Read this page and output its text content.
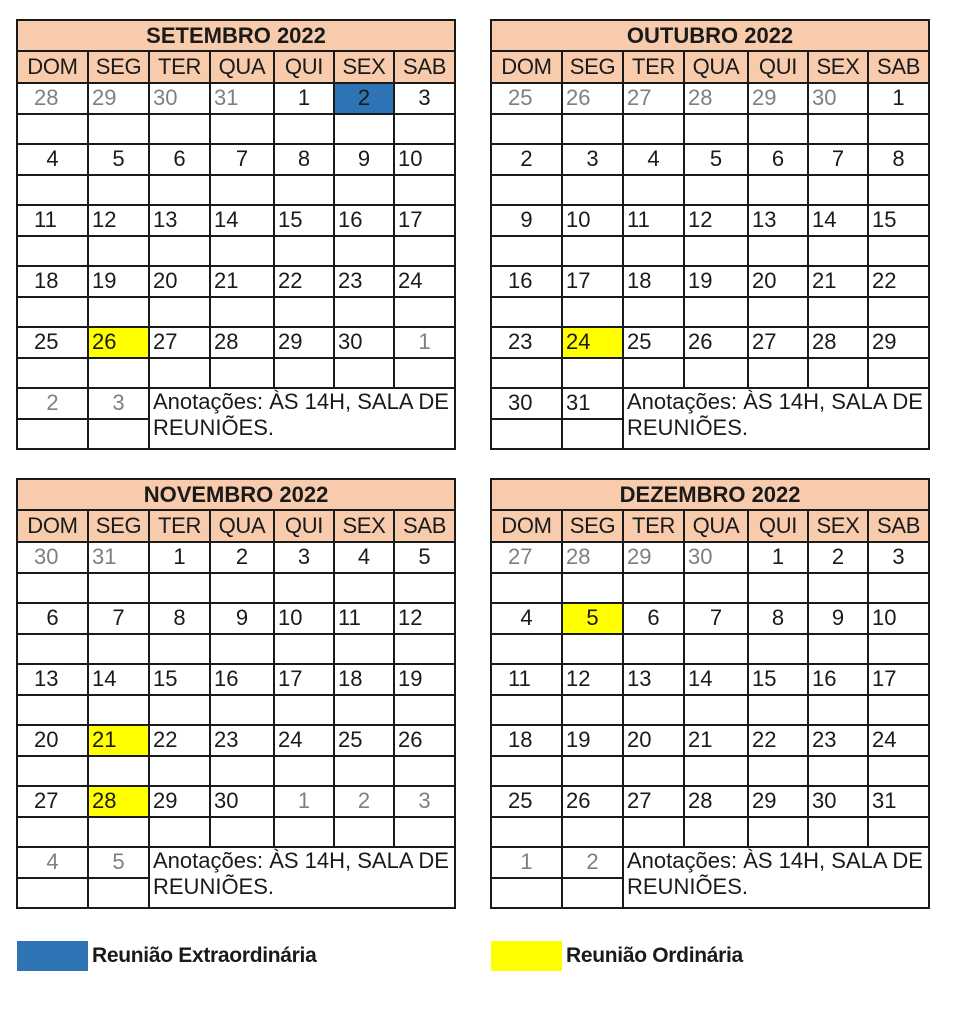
SETEMBRO 2022						
DOM	SEG	TER	QUA	QUI	SEX	SAB
28	29	30	31	1	2	3

4	5	6	7	8	9	10

11	12	13	14	15	16	17

18	19	20	21	22	23	24

25	26	27	28	29	30	1

2	3	Anotações: ÀS 14H, SALA DE REUNIÕES.				

OUTUBRO 2022						
DOM	SEG	TER	QUA	QUI	SEX	SAB
25	26	27	28	29	30	1

2	3	4	5	6	7	8

9	10	11	12	13	14	15

16	17	18	19	20	21	22

23	24	25	26	27	28	29

30	31	Anotações: ÀS 14H, SALA DE REUNIÕES.				

NOVEMBRO 2022						
DOM	SEG	TER	QUA	QUI	SEX	SAB
30	31	1	2	3	4	5

6	7	8	9	10	11	12

13	14	15	16	17	18	19

20	21	22	23	24	25	26

27	28	29	30	1	2	3

4	5	Anotações: ÀS 14H, SALA DE REUNIÕES.				

DEZEMBRO 2022						
DOM	SEG	TER	QUA	QUI	SEX	SAB
27	28	29	30	1	2	3

4	5	6	7	8	9	10

11	12	13	14	15	16	17

18	19	20	21	22	23	24

25	26	27	28	29	30	31

1	2	Anotações: ÀS 14H, SALA DE REUNIÕES.				

Reunião Extraordinária	Reunião Ordinária
